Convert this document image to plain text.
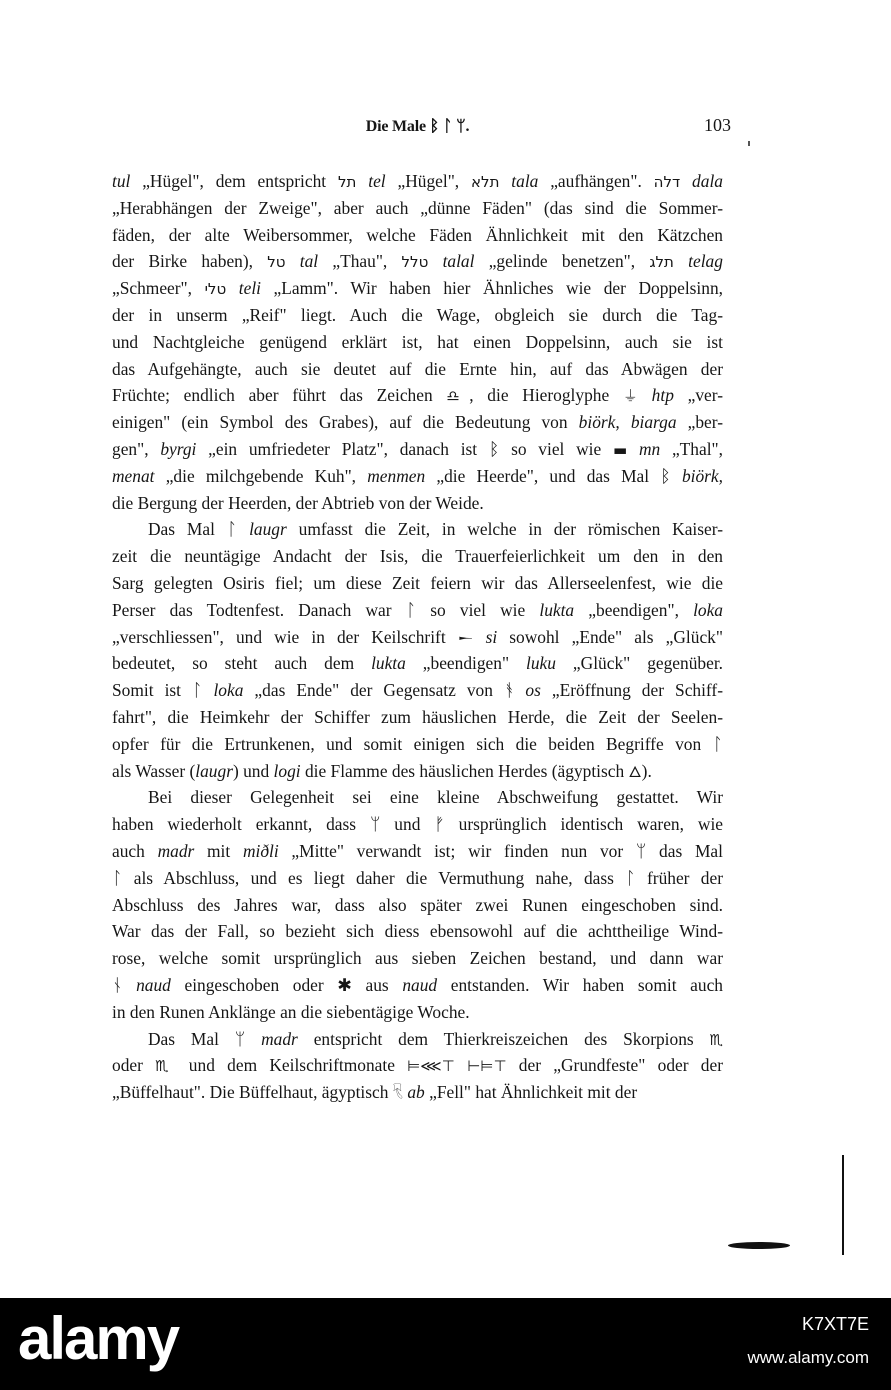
Die Male ᛒ ᛚ ᛘ.	103
tul „Hügel", dem entspricht תל tel „Hügel", תלא tala „aufhängen". דלה dala
„Herabhängen der Zweige", aber auch „dünne Fäden" (das sind die Sommer-
fäden, der alte Weibersommer, welche Fäden Ähnlichkeit mit den Kätzchen
der Birke haben), טל tal „Thau", טלל talal „gelinde benetzen", תלג telag
„Schmeer", טלי teli „Lamm". Wir haben hier Ähnliches wie der Doppelsinn,
der in unserm „Reif" liegt. Auch die Wage, obgleich sie durch die Tag-
und Nachtgleiche genügend erklärt ist, hat einen Doppelsinn, auch sie ist
das Aufgehängte, auch sie deutet auf die Ernte hin, auf das Abwägen der
Früchte; endlich aber führt das Zeichen ♎, die Hieroglyphe ⏚ htp „ver-
einigen" (ein Symbol des Grabes), auf die Bedeutung von biörk, biarga „ber-
gen", byrgi „ein umfriedeter Platz", danach ist ᛒ so viel wie ▬ mn „Thal",
menat „die milchgebende Kuh", menmen „die Heerde", und das Mal ᛒ biörk,
die Bergung der Heerden, der Abtrieb von der Weide.
Das Mal ᛚ laugr umfasst die Zeit, in welche in der römischen Kaiser-
zeit die neuntägige Andacht der Isis, die Trauerfeierlichkeit um den in den
Sarg gelegten Osiris fiel; um diese Zeit feiern wir das Allerseelenfest, wie die
Perser das Todtenfest. Danach war ᛚ so viel wie lukta „beendigen", loka
„verschliessen", und wie in der Keilschrift 𒀸 si sowohl „Ende" als „Glück"
bedeutet, so steht auch dem lukta „beendigen" luku „Glück" gegenüber.
Somit ist ᛚ loka „das Ende" der Gegensatz von ᚬ os „Eröffnung der Schiff-
fahrt", die Heimkehr der Schiffer zum häuslichen Herde, die Zeit der Seelen-
opfer für die Ertrunkenen, und somit einigen sich die beiden Begriffe von ᛚ
als Wasser (laugr) und logi die Flamme des häuslichen Herdes (ägyptisch 🜂).
Bei dieser Gelegenheit sei eine kleine Abschweifung gestattet. Wir
haben wiederholt erkannt, dass ᛘ und ᚠ ursprünglich identisch waren, wie
auch madr mit miðli „Mitte" verwandt ist; wir finden nun vor ᛘ das Mal
ᛚ als Abschluss, und es liegt daher die Vermuthung nahe, dass ᛚ früher der
Abschluss des Jahres war, dass also später zwei Runen eingeschoben sind.
War das der Fall, so bezieht sich diess ebensowohl auf die achttheilige Wind-
rose, welche somit ursprünglich aus sieben Zeichen bestand, und dann war
ᚾ naud eingeschoben oder ✱ aus naud entstanden. Wir haben somit auch
in den Runen Anklänge an die siebentägige Woche.
Das Mal ᛘ madr entspricht dem Thierkreiszeichen des Skorpions ♏
oder ♏ und dem Keilschriftmonate ⊨⋘⊤ ⊢⊨⊤ der „Grundfeste" oder der
„Büffelhaut". Die Büffelhaut, ägyptisch 𓄛 ab „Fell" hat Ähnlichkeit mit der
alamy	K7XT7E
www.alamy.com
